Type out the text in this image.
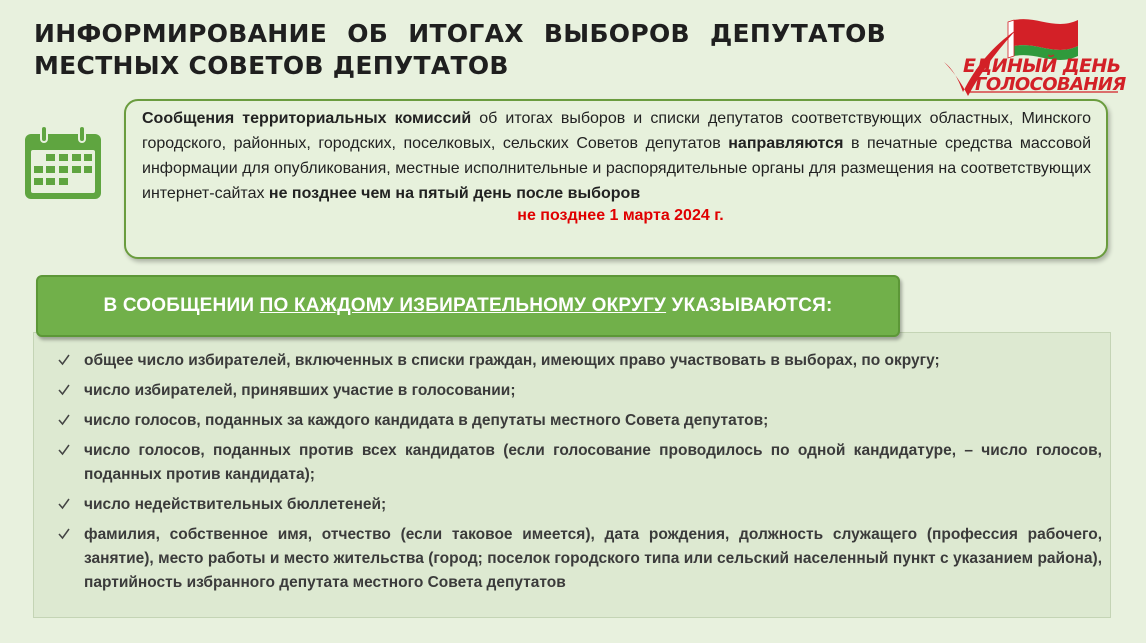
ИНФОРМИРОВАНИЕ ОБ ИТОГАХ ВЫБОРОВ ДЕПУТАТОВ МЕСТНЫХ СОВЕТОВ ДЕПУТАТОВ	ЕДИНЫЙ ДЕНЬ
ГОЛОСОВАНИЯ

Сообщения территориальных комиссий об итогах выборов и списки депутатов соответствующих областных, Минского городского, районных, городских, поселковых, сельских Советов депутатов направляются в печатные средства массовой информации для опубликования, местные исполнительные и распорядительные органы для размещения на соответствующих интернет-сайтах не позднее чем на пятый день после выборов

не позднее 1 марта 2024 г.
В СООБЩЕНИИ ПО КАЖДОМУ ИЗБИРАТЕЛЬНОМУ ОКРУГУ УКАЗЫВАЮТСЯ:
общее число избирателей, включенных в списки граждан, имеющих право участвовать в выборах, по округу;
число избирателей, принявших участие в голосовании;
число голосов, поданных за каждого кандидата в депутаты местного Совета депутатов;
число голосов, поданных против всех кандидатов (если голосование проводилось по одной кандидатуре, – число голосов, поданных против кандидата);
число недействительных бюллетеней;
фамилия, собственное имя, отчество (если таковое имеется), дата рождения, должность служащего (профессия рабочего, занятие), место работы и место жительства (город; поселок городского типа или сельский населенный пункт с указанием района), партийность избранного депутата местного Совета депутатов
